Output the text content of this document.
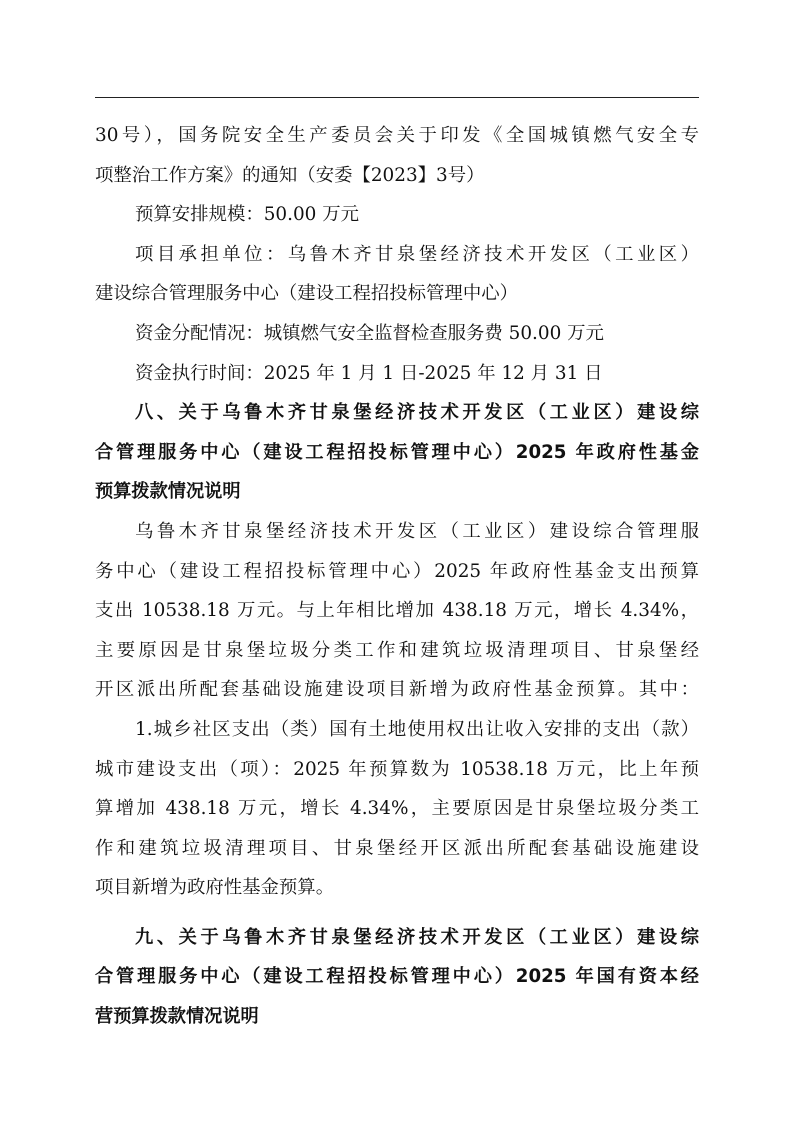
30号），国务院安全生产委员会关于印发《全国城镇燃气安全专
项整治工作方案》的通知（安委【2023】3号）
预算安排规模：50.00 万元
项目承担单位：乌鲁木齐甘泉堡经济技术开发区（工业区）
建设综合管理服务中心（建设工程招投标管理中心）
资金分配情况：城镇燃气安全监督检查服务费 50.00 万元
资金执行时间：2025 年 1 月 1 日-2025 年 12 月 31 日
八、关于乌鲁木齐甘泉堡经济技术开发区（工业区）建设综
合管理服务中心（建设工程招投标管理中心）2025 年政府性基金
预算拨款情况说明
乌鲁木齐甘泉堡经济技术开发区（工业区）建设综合管理服
务中心（建设工程招投标管理中心）2025 年政府性基金支出预算
支出 10538.18 万元。与上年相比增加 438.18 万元，增长 4.34%，
主要原因是甘泉堡垃圾分类工作和建筑垃圾清理项目、甘泉堡经
开区派出所配套基础设施建设项目新增为政府性基金预算。其中：
1.城乡社区支出（类）国有土地使用权出让收入安排的支出（款）
城市建设支出（项）：2025 年预算数为 10538.18 万元，比上年预
算增加 438.18 万元，增长 4.34%，主要原因是甘泉堡垃圾分类工
作和建筑垃圾清理项目、甘泉堡经开区派出所配套基础设施建设
项目新增为政府性基金预算。
九、关于乌鲁木齐甘泉堡经济技术开发区（工业区）建设综
合管理服务中心（建设工程招投标管理中心）2025 年国有资本经
营预算拨款情况说明
